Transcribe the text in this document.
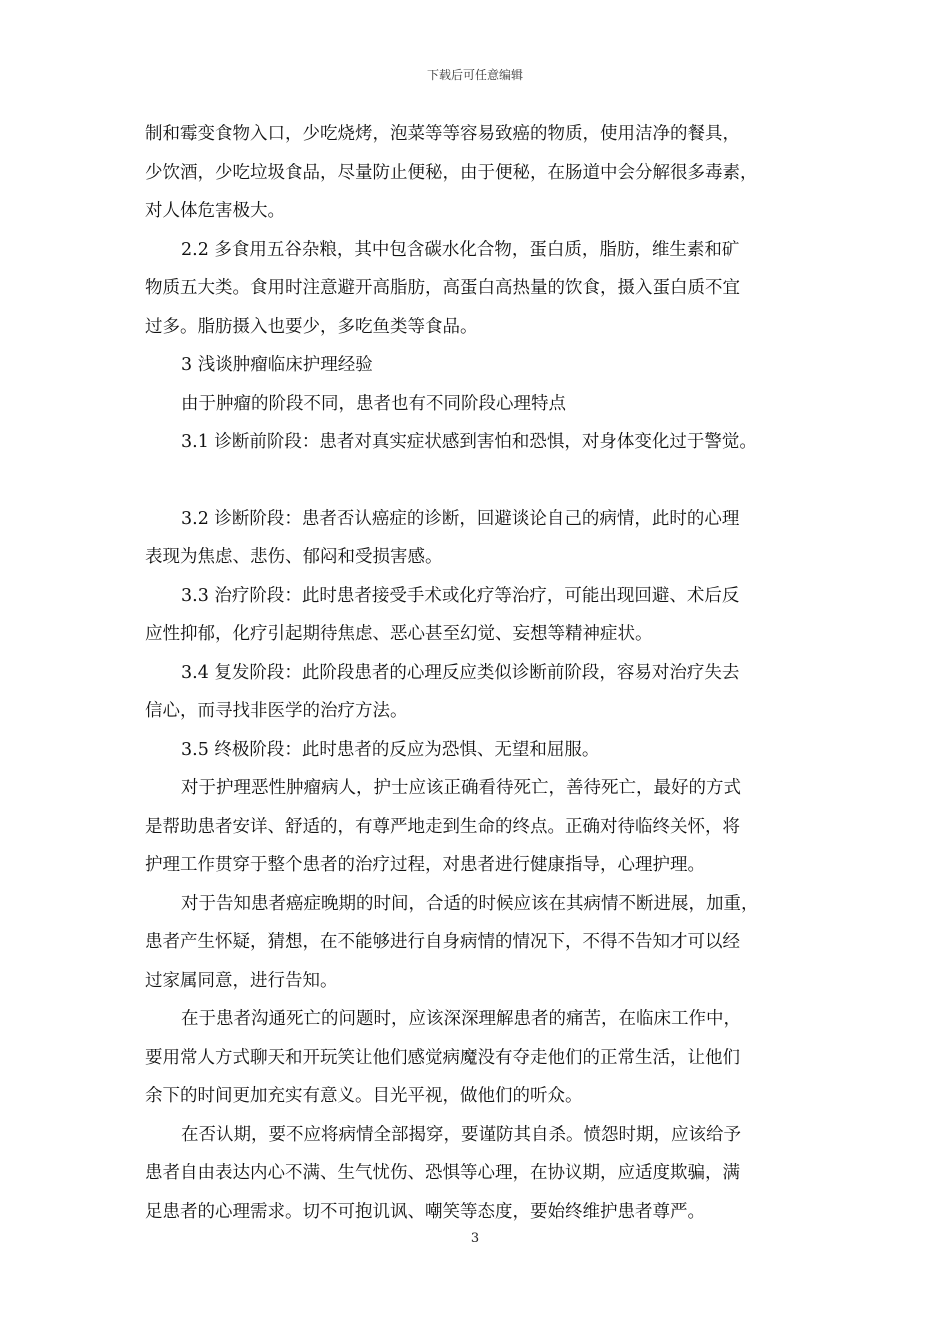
下载后可任意编辑

制和霉变食物入口，少吃烧烤，泡菜等等容易致癌的物质，使用洁净的餐具，
少饮酒，少吃垃圾食品，尽量防止便秘，由于便秘，在肠道中会分解很多毒素，
对人体危害极大。

2.2 多食用五谷杂粮，其中包含碳水化合物，蛋白质，脂肪，维生素和矿
物质五大类。食用时注意避开高脂肪，高蛋白高热量的饮食，摄入蛋白质不宜
过多。脂肪摄入也要少，多吃鱼类等食品。

3 浅谈肿瘤临床护理经验

由于肿瘤的阶段不同，患者也有不同阶段心理特点

3.1 诊断前阶段：患者对真实症状感到害怕和恐惧，对身体变化过于警觉。

3.2 诊断阶段：患者否认癌症的诊断，回避谈论自己的病情，此时的心理
表现为焦虑、悲伤、郁闷和受损害感。

3.3 治疗阶段：此时患者接受手术或化疗等治疗，可能出现回避、术后反
应性抑郁，化疗引起期待焦虑、恶心甚至幻觉、妄想等精神症状。

3.4 复发阶段：此阶段患者的心理反应类似诊断前阶段，容易对治疗失去
信心，而寻找非医学的治疗方法。

3.5 终极阶段：此时患者的反应为恐惧、无望和屈服。

对于护理恶性肿瘤病人，护士应该正确看待死亡，善待死亡，最好的方式
是帮助患者安详、舒适的，有尊严地走到生命的终点。正确对待临终关怀，将
护理工作贯穿于整个患者的治疗过程，对患者进行健康指导，心理护理。

对于告知患者癌症晚期的时间，合适的时候应该在其病情不断进展，加重，
患者产生怀疑，猜想，在不能够进行自身病情的情况下，不得不告知才可以经
过家属同意，进行告知。

在于患者沟通死亡的问题时，应该深深理解患者的痛苦，在临床工作中，
要用常人方式聊天和开玩笑让他们感觉病魔没有夺走他们的正常生活，让他们
余下的时间更加充实有意义。目光平视，做他们的听众。

在否认期，要不应将病情全部揭穿，要谨防其自杀。愤怨时期，应该给予
患者自由表达内心不满、生气忧伤、恐惧等心理，在协议期，应适度欺骗，满
足患者的心理需求。切不可抱讥讽、嘲笑等态度，要始终维护患者尊严。

3
